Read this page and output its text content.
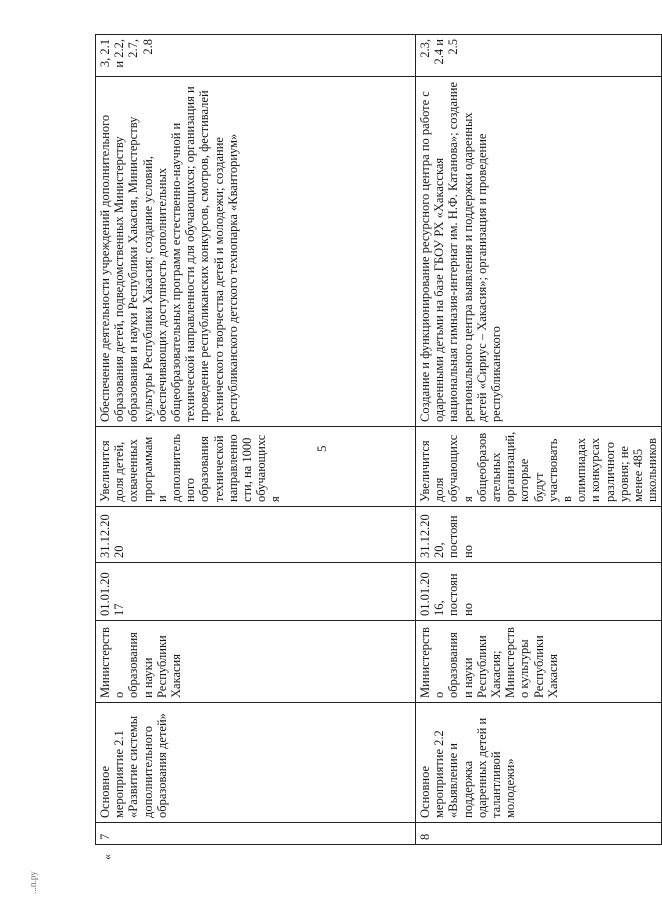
5
«
...п.ру
7	Основное мероприятие 2.1 «Развитие системы дополнительного образования детей»	Министерство образования и науки Республики Хакасия	01.01.2017	31.12.2020	Увеличится доля детей, охваченных программами дополнительного образования технической направленности, на 1000 обучающихся	Обеспечение деятельности учреждений дополнительного образования детей, подведомственных Министерству образования и науки Республики Хакасия, Министерству культуры Республики Хакасия; создание условий, обеспечивающих доступность дополнительных общеобразовательных программ естественно-научной и технической направленности для обучающихся; организация и проведение республиканских конкурсов, смотров, фестивалей технического творчества детей и молодежи; создание республиканского детского технопарка «Кванториум»	3, 2.1 и 2.2, 2.7, 2.8
8	Основное мероприятие 2.2 «Выявление и поддержка одаренных детей и талантливой молодежи»	Министерство образования и науки Республики Хакасия; Министерство культуры Республики Хакасия	01.01.2016, постоянно	31.12.2020, постоянно	Увеличится доля обучающихся общеобразовательных организаций, которые будут участвовать в олимпиадах и конкурсах различного уровня; не менее 485 школьников	Создание и функционирование ресурсного центра по работе с одаренными детьми на базе ГБОУ РХ «Хакасская национальная гимназия-интернат им. Н.Ф. Катанова»; создание регионального центра выявления и поддержки одаренных детей «Сириус – Хакасия»; организация и проведение республиканского	2.3, 2.4 и 2.5
